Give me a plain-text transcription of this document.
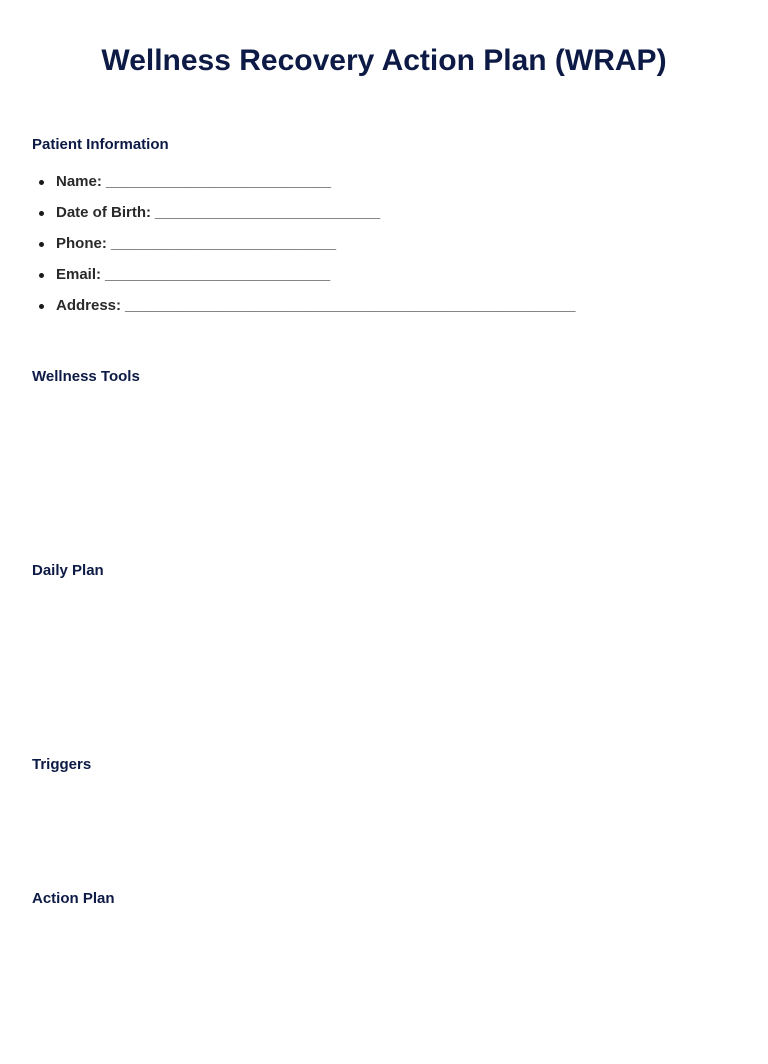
Wellness Recovery Action Plan (WRAP)
Patient Information
Name: ___________________________
Date of Birth: ___________________________
Phone: ___________________________
Email: ___________________________
Address: ______________________________________________________
Wellness Tools
Daily Plan
Triggers
Action Plan
